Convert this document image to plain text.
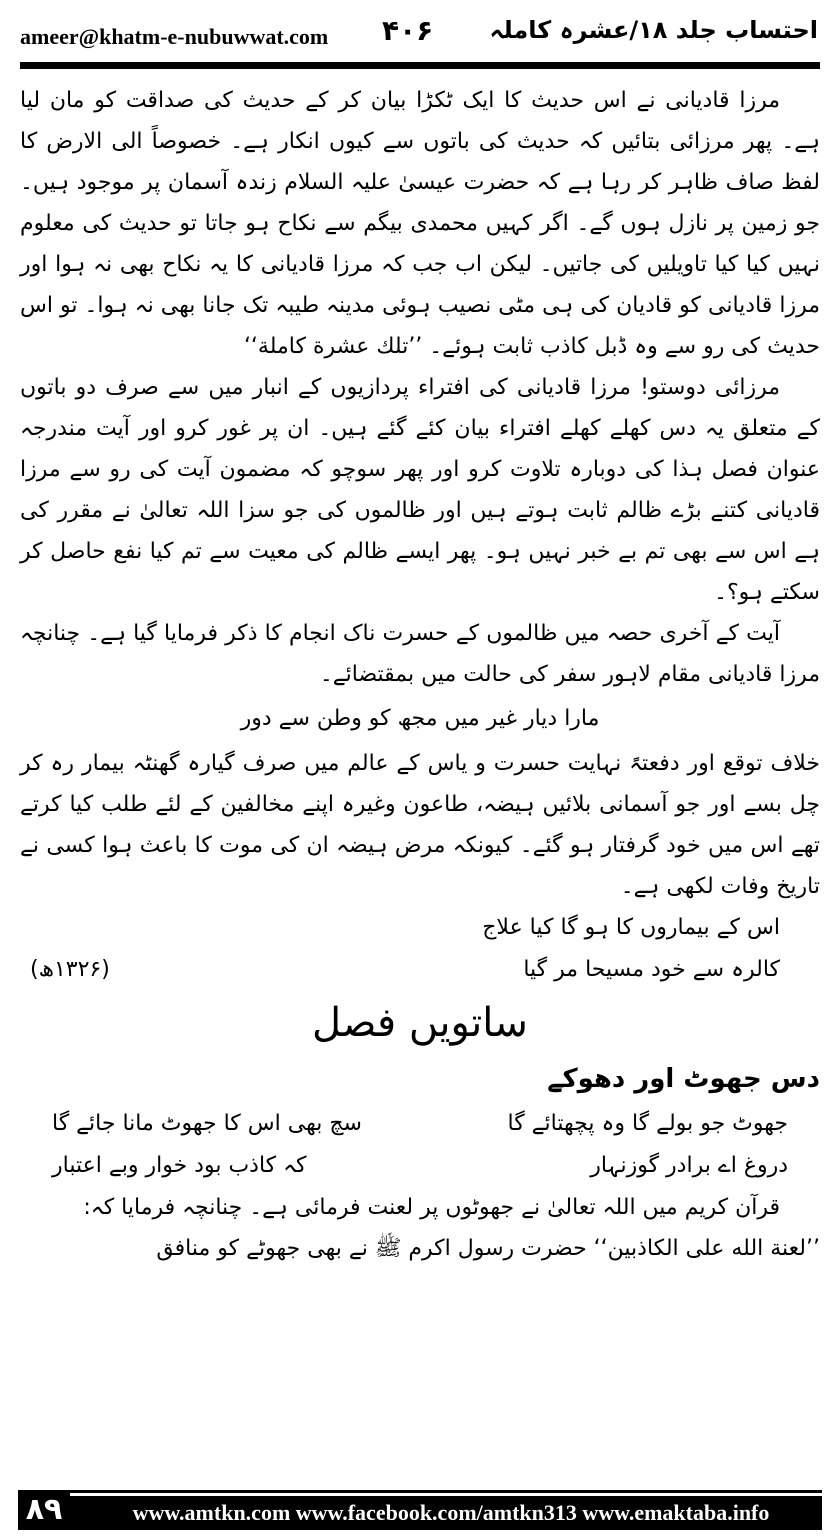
ameer@khatm-e-nubuwwat.com ۴۰۶ احتساب جلد ۱۸/عشرہ کاملہ

مرزا قادیانی نے اس حدیث کا ایک ٹکڑا بیان کر کے حدیث کی صداقت کو مان لیا ہے۔ پھر مرزائی بتائیں کہ حدیث کی باتوں سے کیوں انکار ہے۔ خصوصاً الی الارض کا لفظ صاف ظاہر کر رہا ہے کہ حضرت عیسیٰ علیہ السلام زندہ آسمان پر موجود ہیں۔ جو زمین پر نازل ہوں گے۔ اگر کہیں محمدی بیگم سے نکاح ہو جاتا تو حدیث کی معلوم نہیں کیا کیا تاویلیں کی جاتیں۔ لیکن اب جب کہ مرزا قادیانی کا یہ نکاح بھی نہ ہوا اور مرزا قادیانی کو قادیان کی ہی مٹی نصیب ہوئی مدینہ طیبہ تک جانا بھی نہ ہوا۔ تو اس حدیث کی رو سے وہ ڈبل کاذب ثابت ہوئے۔ ’’تلك عشرة كاملة‘‘

مرزائی دوستو! مرزا قادیانی کی افتراء پردازیوں کے انبار میں سے صرف دو باتوں کے متعلق یہ دس کھلے کھلے افتراء بیان کئے گئے ہیں۔ ان پر غور کرو اور آیت مندرجہ عنوان فصل ہذا کی دوبارہ تلاوت کرو اور پھر سوچو کہ مضمون آیت کی رو سے مرزا قادیانی کتنے بڑے ظالم ثابت ہوتے ہیں اور ظالموں کی جو سزا اللہ تعالیٰ نے مقرر کی ہے اس سے بھی تم بے خبر نہیں ہو۔ پھر ایسے ظالم کی معیت سے تم کیا نفع حاصل کر سکتے ہو؟۔

آیت کے آخری حصہ میں ظالموں کے حسرت ناک انجام کا ذکر فرمایا گیا ہے۔ چنانچہ مرزا قادیانی مقام لاہور سفر کی حالت میں بمقتضائے۔

مارا دیار غیر میں مجھ کو وطن سے دور

خلاف توقع اور دفعتہً نہایت حسرت و یاس کے عالم میں صرف گیارہ گھنٹہ بیمار رہ کر چل بسے اور جو آسمانی بلائیں ہیضہ، طاعون وغیرہ اپنے مخالفین کے لئے طلب کیا کرتے تھے اس میں خود گرفتار ہو گئے۔ کیونکہ مرض ہیضہ ان کی موت کا باعث ہوا کسی نے تاریخ وفات لکھی ہے۔

اس کے بیماروں کا ہو گا کیا علاج
کالرہ سے خود مسیحا مر گیا
(۱۳۲۶ھ)
ساتویں فصل
دس جھوٹ اور دھوکے
جھوٹ جو بولے گا وہ پچھتائے گا
سچ بھی اس کا جھوٹ مانا جائے گا
دروغ اے برادر گوزنہار
کہ کاذب بود خوار وبے اعتبار
قرآن کریم میں اللہ تعالیٰ نے جھوٹوں پر لعنت فرمائی ہے۔ چنانچہ فرمایا کہ:
’’لعنة الله على الكاذبين‘‘ حضرت رسول اکرم ﷺ نے بھی جھوٹے کو منافق
۸۹	www.amtkn.com www.facebook.com/amtkn313 www.emaktaba.info
